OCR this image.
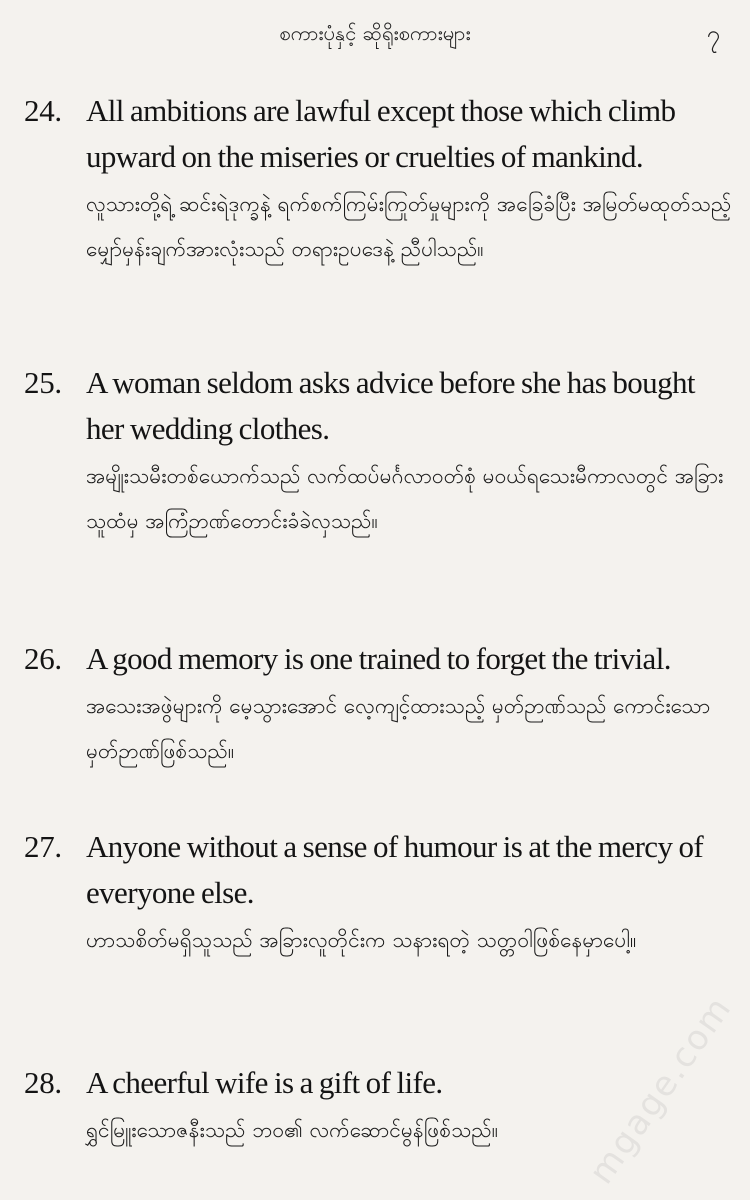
စကားပုံနှင့် ဆိုရိုးစကားများ	၇
24. All ambitions are lawful except those which climb upward on the miseries or cruelties of mankind.
လူသားတို့ရဲ့ ဆင်းရဲဒုက္ခနဲ့ ရက်စက်ကြမ်းကြုတ်မှုများကို အခြေခံပြီး အမြတ်မထုတ်သည့် မျှော်မှန်းချက်အားလုံးသည် တရားဥပဒေနဲ့ ညီပါသည်။
25. A woman seldom asks advice before she has bought her wedding clothes.
အမျိုးသမီးတစ်ယောက်သည် လက်ထပ်မင်္ဂလာဝတ်စုံ မဝယ်ရသေးမီကာလတွင် အခြားသူထံမှ အကြံဉာဏ်တောင်းခံခဲလှသည်။
26. A good memory is one trained to forget the trivial.
အသေးအဖွဲများကို မေ့သွားအောင် လေ့ကျင့်ထားသည့် မှတ်ဉာဏ်သည် ကောင်းသော မှတ်ဉာဏ်ဖြစ်သည်။
27. Anyone without a sense of humour is at the mercy of everyone else.
ဟာသစိတ်မရှိသူသည် အခြားလူတိုင်းက သနားရတဲ့ သတ္တဝါဖြစ်နေမှာပေါ့။
28. A cheerful wife is a gift of life.
ရွှင်မြူးသောဇနီးသည် ဘဝ၏ လက်ဆောင်မွန်ဖြစ်သည်။	mgage.com
